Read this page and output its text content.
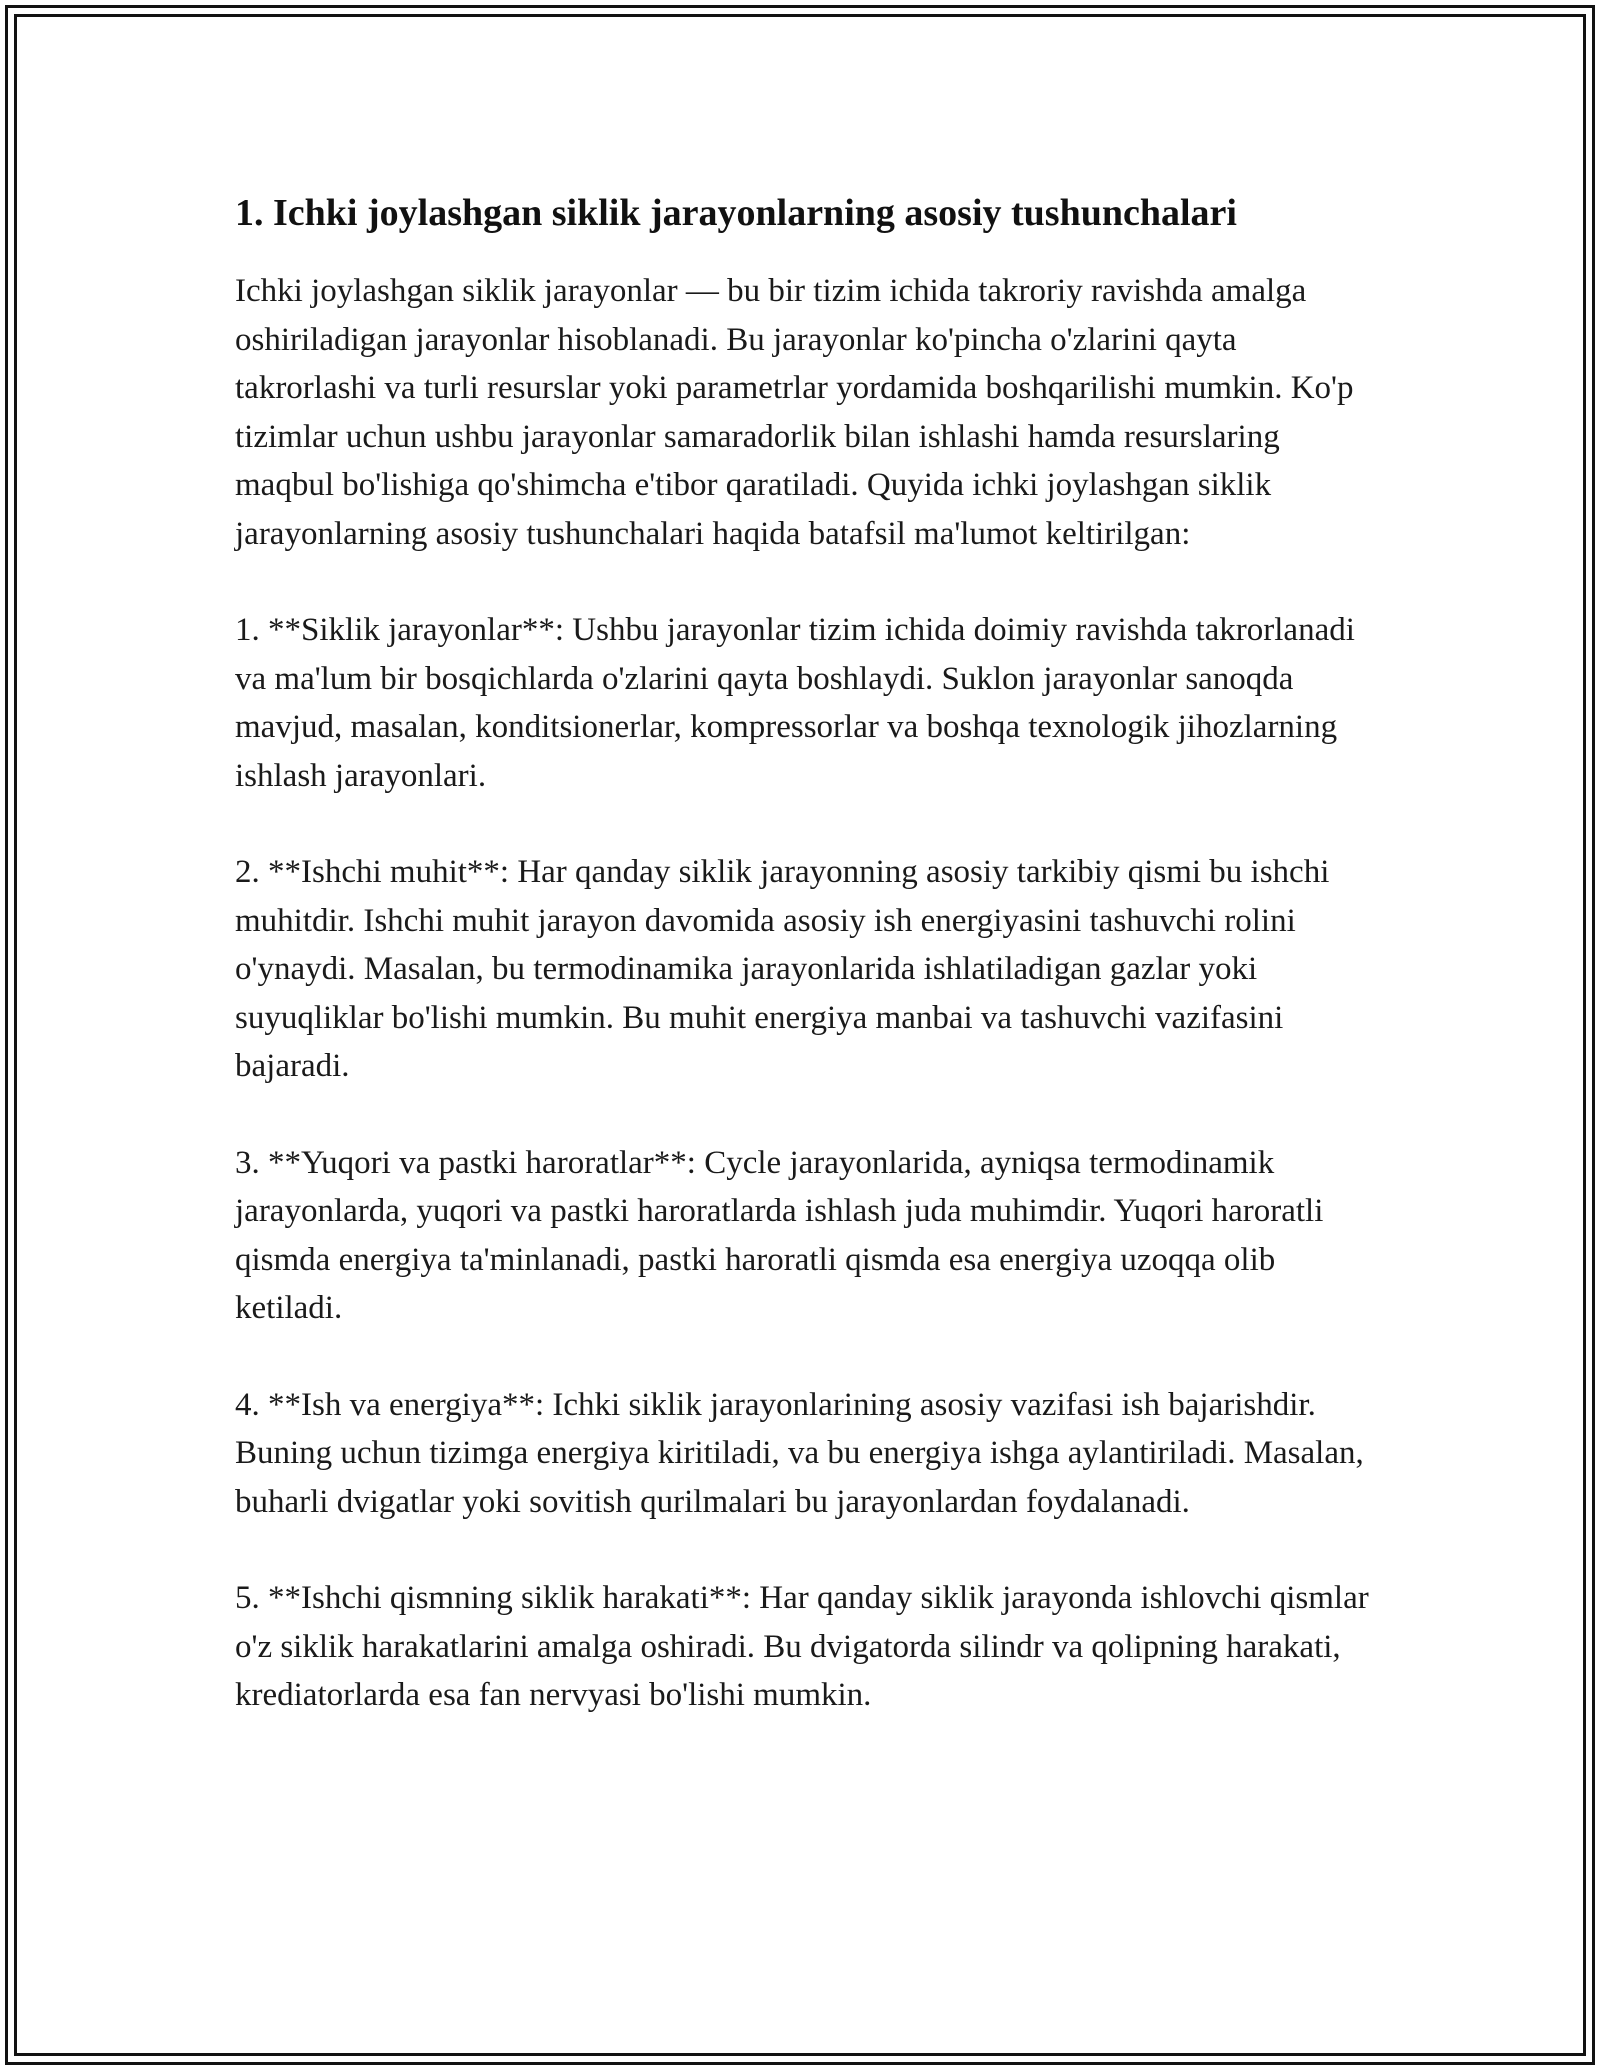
1. Ichki joylashgan siklik jarayonlarning asosiy tushunchalari

Ichki joylashgan siklik jarayonlar — bu bir tizim ichida takroriy ravishda amalga oshiriladigan jarayonlar hisoblanadi. Bu jarayonlar ko'pincha o'zlarini qayta takrorlashi va turli resurslar yoki parametrlar yordamida boshqarilishi mumkin. Ko'p tizimlar uchun ushbu jarayonlar samaradorlik bilan ishlashi hamda resurslaring maqbul bo'lishiga qo'shimcha e'tibor qaratiladi. Quyida ichki joylashgan siklik jarayonlarning asosiy tushunchalari haqida batafsil ma'lumot keltirilgan:

1. **Siklik jarayonlar**: Ushbu jarayonlar tizim ichida doimiy ravishda takrorlanadi va ma'lum bir bosqichlarda o'zlarini qayta boshlaydi. Suklon jarayonlar sanoqda mavjud, masalan, konditsionerlar, kompressorlar va boshqa texnologik jihozlarning ishlash jarayonlari.

2. **Ishchi muhit**: Har qanday siklik jarayonning asosiy tarkibiy qismi bu ishchi muhitdir. Ishchi muhit jarayon davomida asosiy ish energiyasini tashuvchi rolini o'ynaydi. Masalan, bu termodinamika jarayonlarida ishlatiladigan gazlar yoki suyuqliklar bo'lishi mumkin. Bu muhit energiya manbai va tashuvchi vazifasini bajaradi.

3. **Yuqori va pastki haroratlar**: Cycle jarayonlarida, ayniqsa termodinamik jarayonlarda, yuqori va pastki haroratlarda ishlash juda muhimdir. Yuqori haroratli qismda energiya ta'minlanadi, pastki haroratli qismda esa energiya uzoqqa olib ketiladi.

4. **Ish va energiya**: Ichki siklik jarayonlarining asosiy vazifasi ish bajarishdir. Buning uchun tizimga energiya kiritiladi, va bu energiya ishga aylantiriladi. Masalan, buharli dvigatlar yoki sovitish qurilmalari bu jarayonlardan foydalanadi.

5. **Ishchi qismning siklik harakati**: Har qanday siklik jarayonda ishlovchi qismlar o'z siklik harakatlarini amalga oshiradi. Bu dvigatorda silindr va qolipning harakati, krediatorlarda esa fan nervyasi bo'lishi mumkin.
